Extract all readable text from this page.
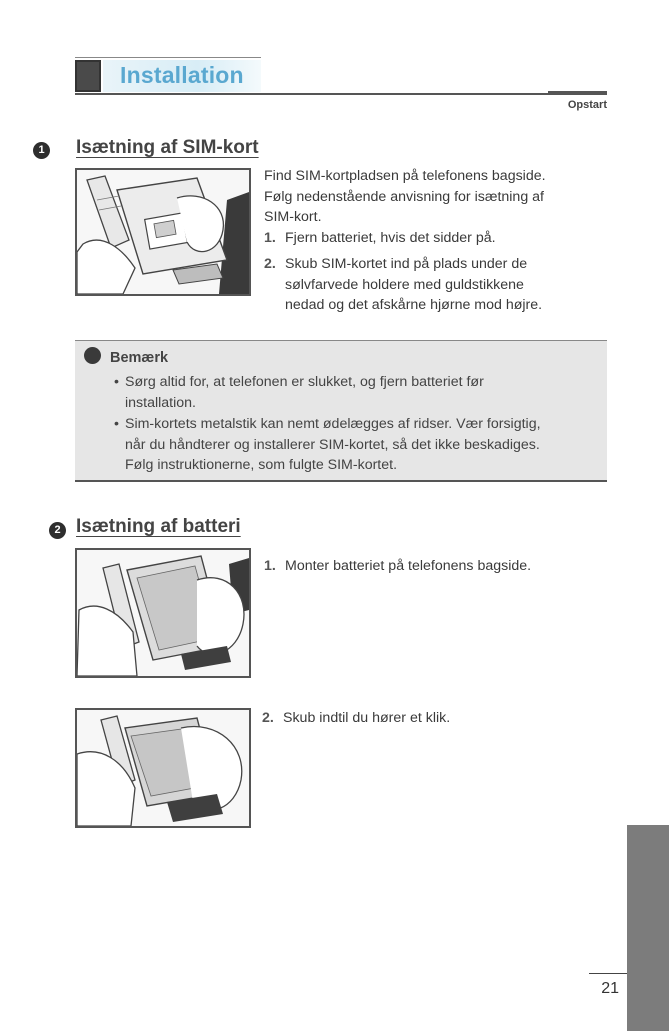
Installation
Opstart
1 Isætning af SIM-kort
Find SIM-kortpladsen på telefonens bagside.
Følg nedenstående anvisning for isætning af
SIM-kort.
1. Fjern batteriet, hvis det sidder på.
2. Skub SIM-kortet ind på plads under de
sølvfarvede holdere med guldstikkene
nedad og det afskårne hjørne mod højre.
Bemærk
• Sørg altid for, at telefonen er slukket, og fjern batteriet før
installation.
• Sim-kortets metalstik kan nemt ødelægges af ridser. Vær forsigtig,
når du håndterer og installerer SIM-kortet, så det ikke beskadiges.
Følg instruktionerne, som fulgte SIM-kortet.
2 Isætning af batteri
1. Monter batteriet på telefonens bagside.
2. Skub indtil du hører et klik.
21
